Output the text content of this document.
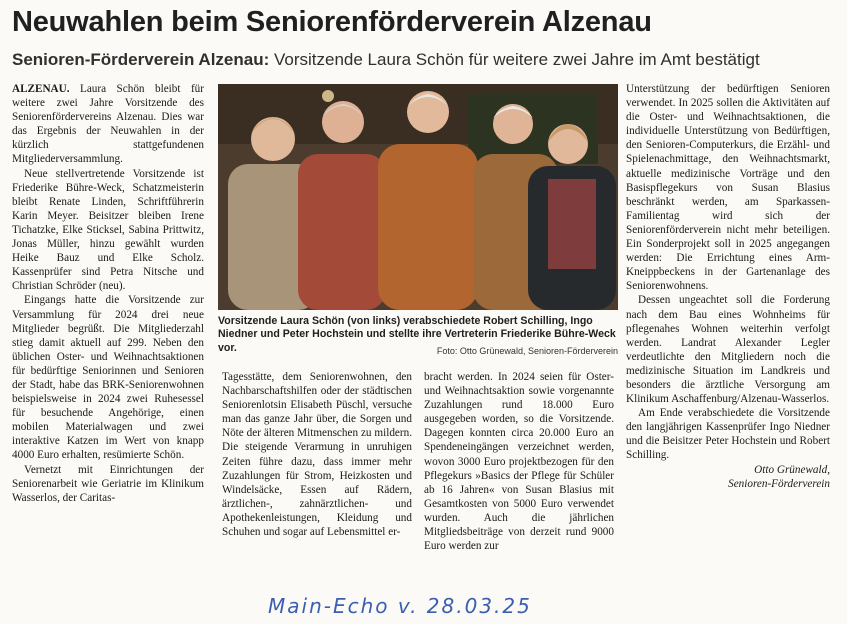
Neuwahlen beim Seniorenförderverein Alzenau
Senioren-Förderverein Alzenau: Vorsitzende Laura Schön für weitere zwei Jahre im Amt bestätigt

ALZENAU. Laura Schön bleibt für weitere zwei Jahre Vorsitzende des Seniorenfördervereins Alzenau. Dies war das Ergebnis der Neuwahlen in der kürzlich stattgefundenen Mitgliederversammlung.

Neue stellvertretende Vorsitzende ist Friederike Bühre-Weck, Schatzmeisterin bleibt Renate Linden, Schriftführerin Karin Meyer. Beisitzer bleiben Irene Tichatzke, Elke Sticksel, Sabina Prittwitz, Jonas Müller, hinzu gewählt wurden Heike Bauz und Elke Scholz. Kassenprüfer sind Petra Nitsche und Christian Schröder (neu).

Eingangs hatte die Vorsitzende zur Versammlung für 2024 drei neue Mitglieder begrüßt. Die Mitgliederzahl stieg damit aktuell auf 299. Neben den üblichen Oster- und Weihnachtsaktionen für bedürftige Seniorinnen und Senioren der Stadt, habe das BRK-Seniorenwohnen beispielsweise in 2024 zwei Ruhesessel für besuchende Angehörige, einen mobilen Materialwagen und zwei interaktive Katzen im Wert von knapp 4000 Euro erhalten, resümierte Schön.

Vernetzt mit Einrichtungen der Seniorenarbeit wie Geriatrie im Klinikum Wasserlos, der Caritas-

Vorsitzende Laura Schön (von links) verabschiedete Robert Schilling, Ingo Niedner und Peter Hochstein und stellte ihre Vertreterin Friederike Bühre-Weck vor.	Foto: Otto Grünewald, Senioren-Förderverein

Tagesstätte, dem Seniorenwohnen, den Nachbarschaftshilfen oder der städtischen Seniorenlotsin Elisabeth Püschl, versuche man das ganze Jahr über, die Sorgen und Nöte der älteren Mitmenschen zu mildern. Die steigende Verarmung in unruhigen Zeiten führe dazu, dass immer mehr Zuzahlungen für Strom, Heizkosten und Windelsäcke, Essen auf Rädern, ärztlichen-, zahnärztlichen- und Apothekenleistungen, Kleidung und Schuhen und sogar auf Lebensmittel er-

bracht werden. In 2024 seien für Oster- und Weihnachtsaktion sowie vorgenannte Zuzahlungen rund 18.000 Euro ausgegeben worden, so die Vorsitzende. Dagegen konnten circa 20.000 Euro an Spendeneingängen verzeichnet werden, wovon 3000 Euro projektbezogen für den Pflegekurs »Basics der Pflege für Schüler ab 16 Jahren« von Susan Blasius mit Gesamtkosten von 5000 Euro verwendet wurden. Auch die jährlichen Mitgliedsbeiträge von derzeit rund 9000 Euro werden zur

Unterstützung der bedürftigen Senioren verwendet. In 2025 sollen die Aktivitäten auf die Oster- und Weihnachtsaktionen, die individuelle Unterstützung von Bedürftigen, den Senioren-Computerkurs, die Erzähl- und Spielenachmittage, den Weihnachtsmarkt, aktuelle medizinische Vorträge und den Basispflegekurs von Susan Blasius beschränkt werden, am Sparkassen-Familientag wird sich der Seniorenförderverein nicht mehr beteiligen. Ein Sonderprojekt soll in 2025 angegangen werden: Die Errichtung eines Arm-Kneippbeckens in der Gartenanlage des Seniorenwohnens.

Dessen ungeachtet soll die Forderung nach dem Bau eines Wohnheims für pflegenahes Wohnen weiterhin verfolgt werden. Landrat Alexander Legler verdeutlichte den Mitgliedern noch die medizinische Situation im Landkreis und besonders die ärztliche Versorgung am Klinikum Aschaffenburg/Alzenau-Wasserlos.

Am Ende verabschiedete die Vorsitzende den langjährigen Kassenprüfer Ingo Niedner und die Beisitzer Peter Hochstein und Robert Schilling.

Otto Grünewald,

Senioren-Förderverein

Main-Echo v. 28.03.25
